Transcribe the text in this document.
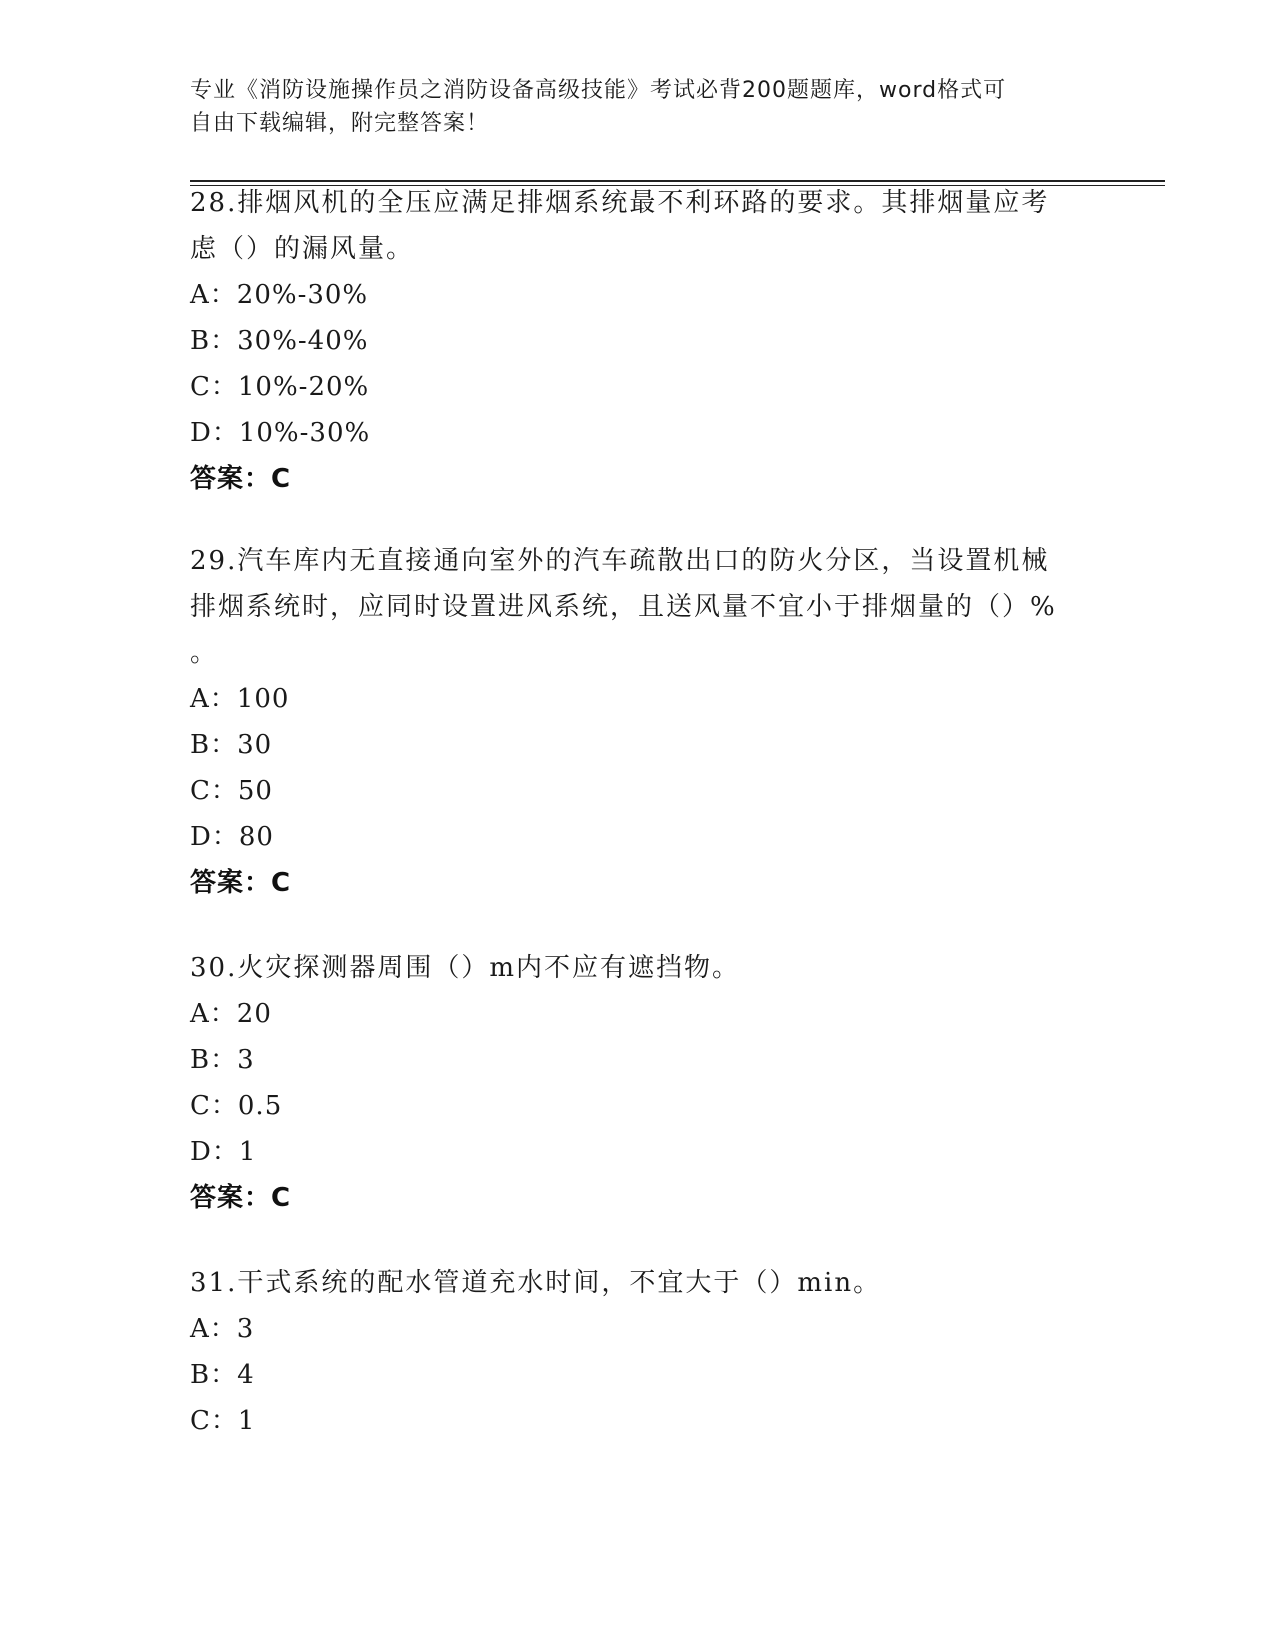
专业《消防设施操作员之消防设备高级技能》考试必背200题题库，word格式可
自由下载编辑，附完整答案！
28.排烟风机的全压应满足排烟系统最不利环路的要求。其排烟量应考
虑（）的漏风量。
A：20%-30%
B：30%-40%
C：10%-20%
D：10%-30%
答案：C
29.汽车库内无直接通向室外的汽车疏散出口的防火分区，当设置机械
排烟系统时，应同时设置进风系统，且送风量不宜小于排烟量的（）%
。
A：100
B：30
C：50
D：80
答案：C
30.火灾探测器周围（）m内不应有遮挡物。
A：20
B：3
C：0.5
D：1
答案：C
31.干式系统的配水管道充水时间，不宜大于（）min。
A：3
B：4
C：1
